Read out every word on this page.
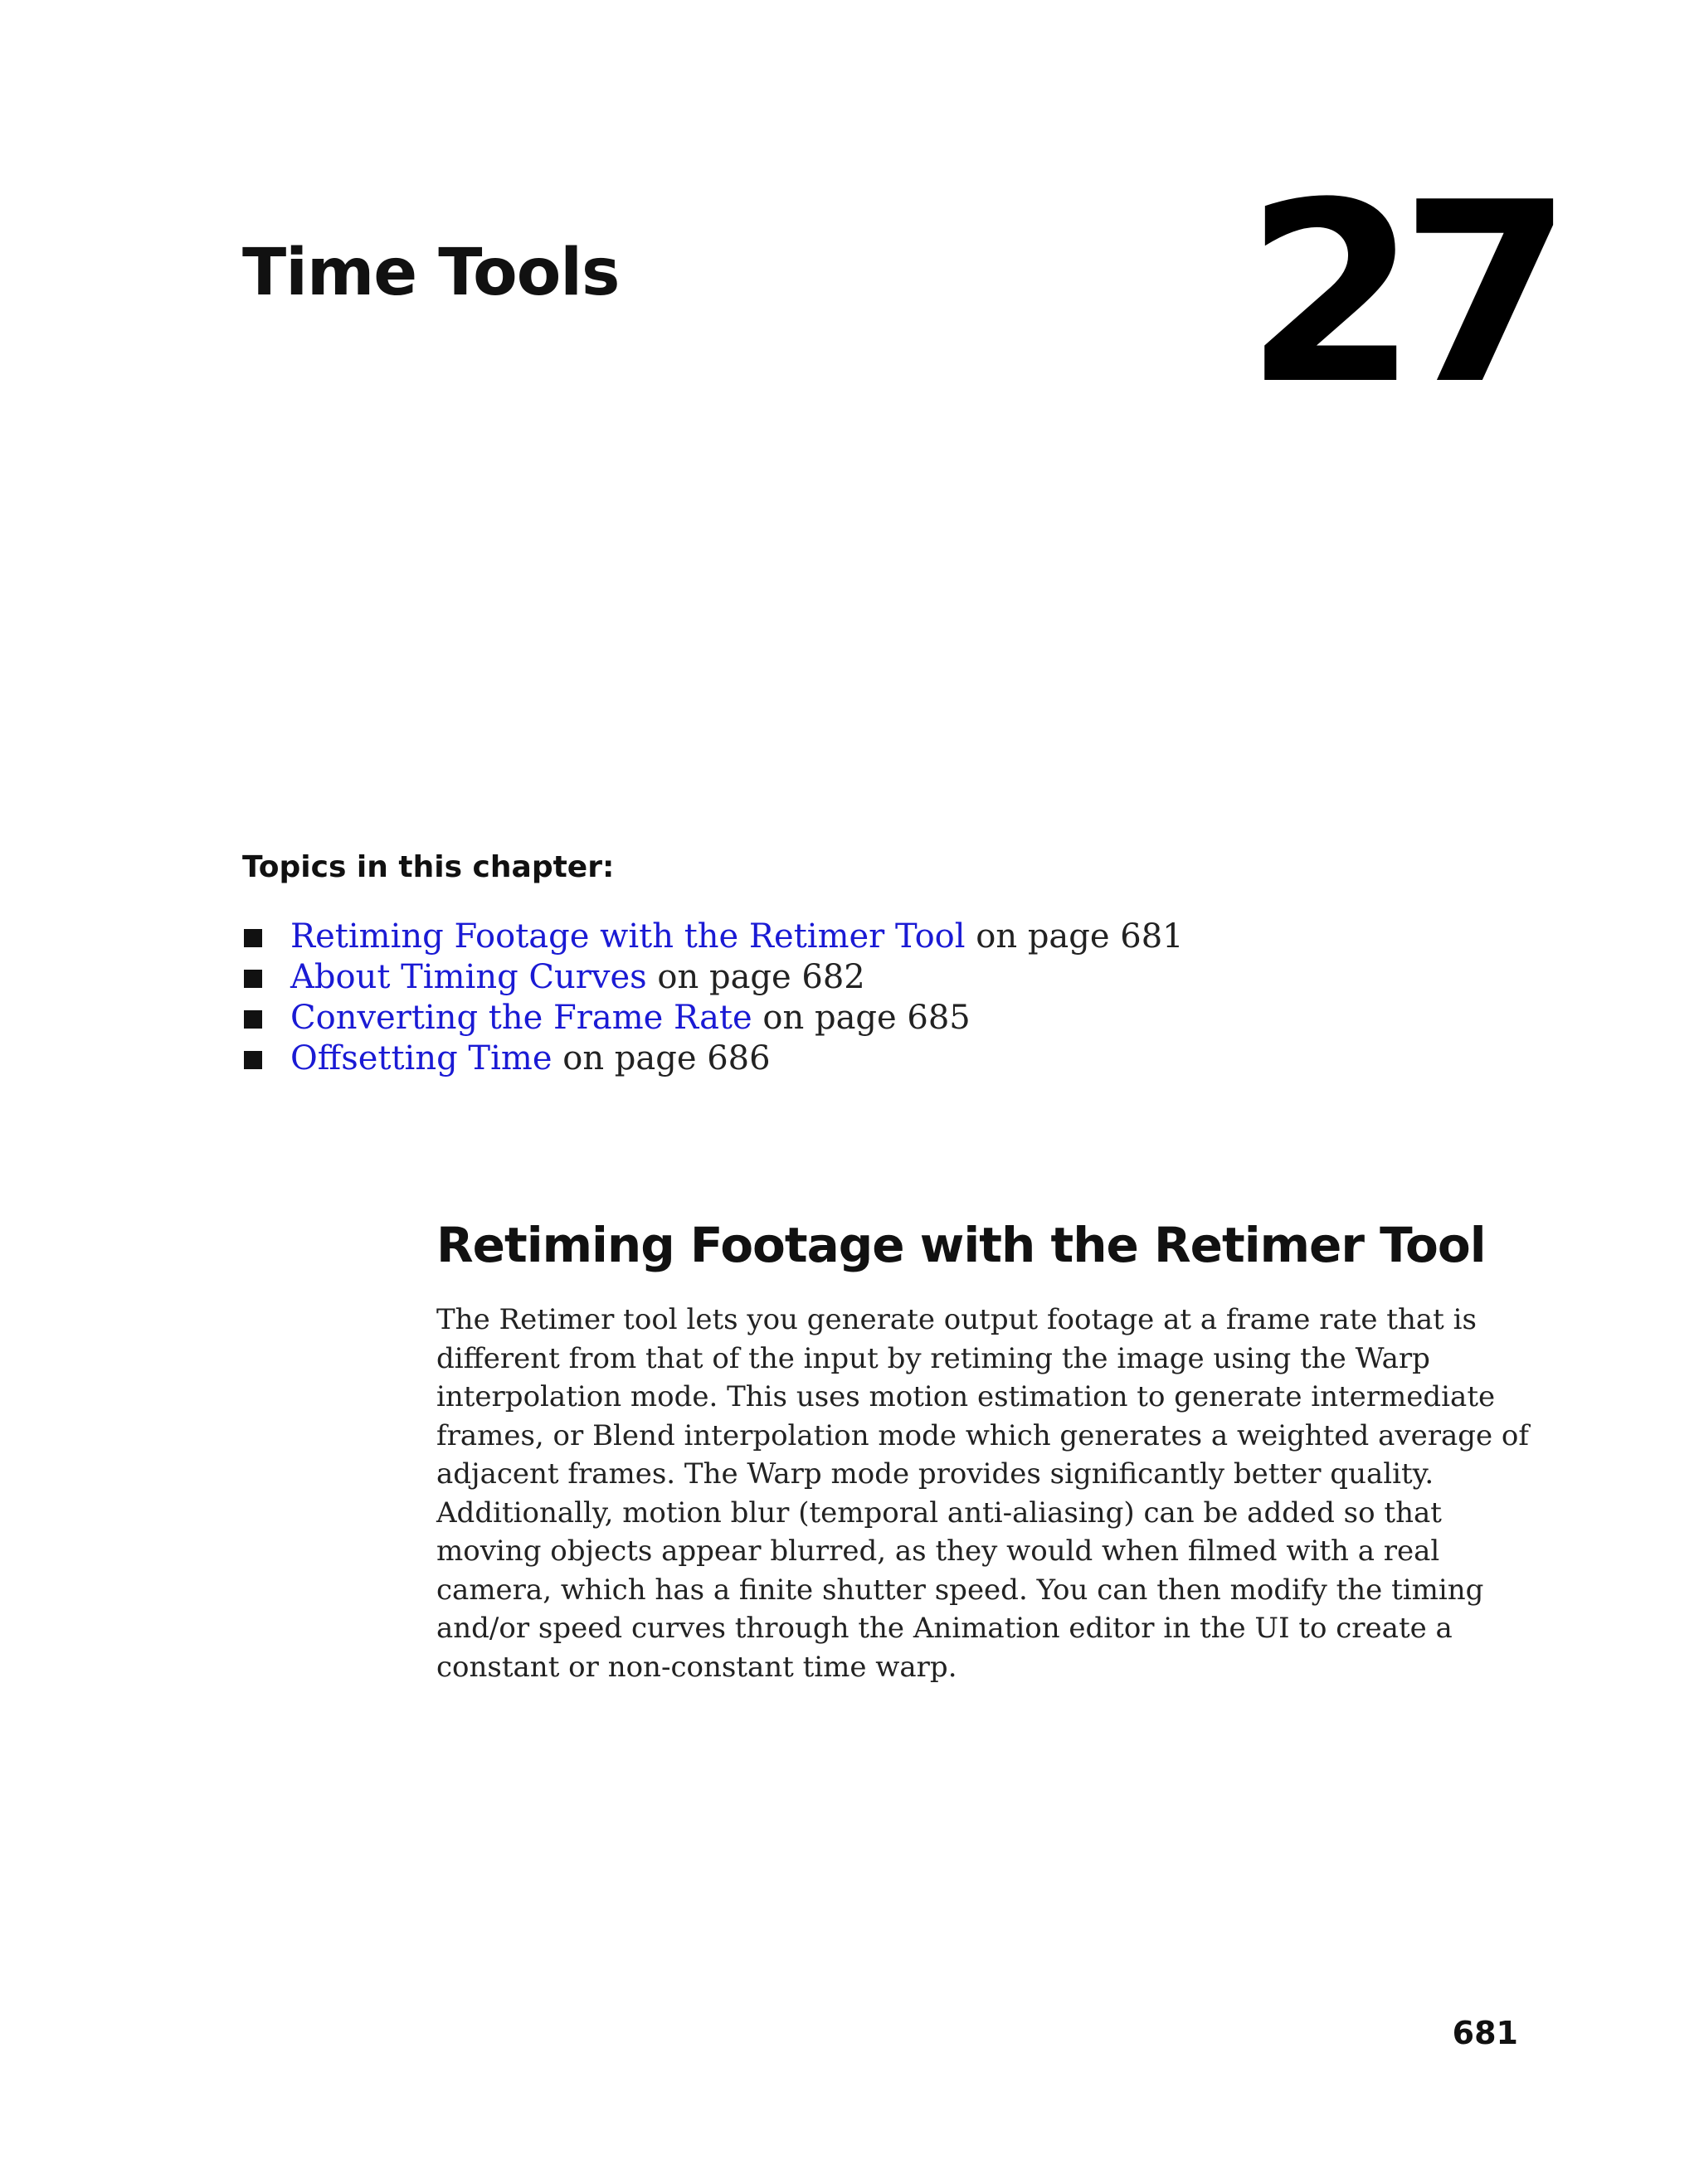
Time Tools	27
Topics in this chapter:
Retiming Footage with the Retimer Tool on page 681
About Timing Curves on page 682
Converting the Frame Rate on page 685
Offsetting Time on page 686
Retiming Footage with the Retimer Tool

The Retimer tool lets you generate output footage at a frame rate that is different from that of the input by retiming the image using the Warp interpolation mode. This uses motion estimation to generate intermediate frames, or Blend interpolation mode which generates a weighted average of adjacent frames. The Warp mode provides significantly better quality. Additionally, motion blur (temporal anti-aliasing) can be added so that moving objects appear blurred, as they would when filmed with a real camera, which has a finite shutter speed. You can then modify the timing and/or speed curves through the Animation editor in the UI to create a constant or non-constant time warp.

681
